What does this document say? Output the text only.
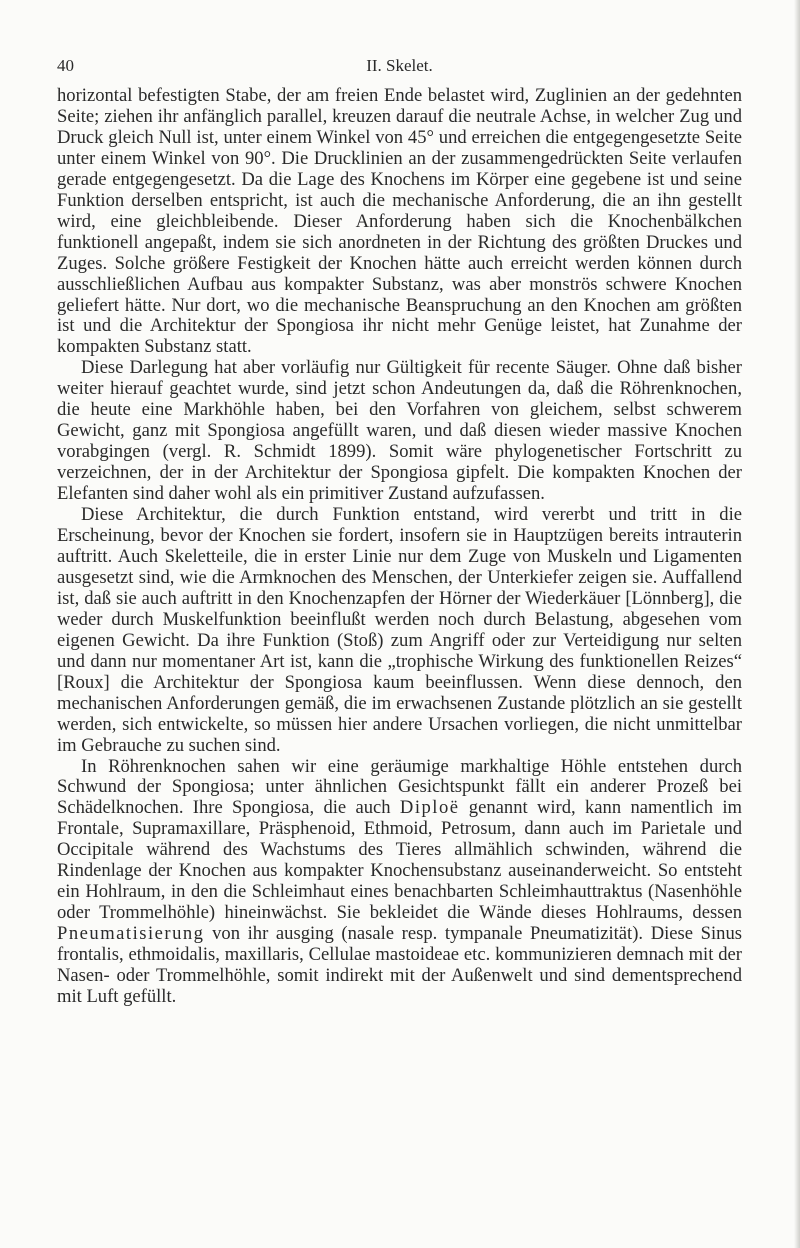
40	II. Skelet.

horizontal befestigten Stabe, der am freien Ende belastet wird, Zuglinien an der gedehnten Seite; ziehen ihr anfänglich parallel, kreuzen darauf die neutrale Achse, in welcher Zug und Druck gleich Null ist, unter einem Winkel von 45° und erreichen die entgegengesetzte Seite unter einem Winkel von 90°. Die Drucklinien an der zusammengedrückten Seite verlaufen gerade entgegengesetzt. Da die Lage des Knochens im Körper eine gegebene ist und seine Funktion derselben entspricht, ist auch die mechanische Anforderung, die an ihn gestellt wird, eine gleichbleibende. Dieser Anforderung haben sich die Knochenbälkchen funktionell angepaßt, indem sie sich anordneten in der Richtung des größten Druckes und Zuges. Solche größere Festigkeit der Knochen hätte auch erreicht werden können durch ausschließlichen Aufbau aus kompakter Substanz, was aber monströs schwere Knochen geliefert hätte. Nur dort, wo die mechanische Beanspruchung an den Knochen am größten ist und die Architektur der Spongiosa ihr nicht mehr Genüge leistet, hat Zunahme der kompakten Substanz statt.

Diese Darlegung hat aber vorläufig nur Gültigkeit für recente Säuger. Ohne daß bisher weiter hierauf geachtet wurde, sind jetzt schon Andeutungen da, daß die Röhrenknochen, die heute eine Markhöhle haben, bei den Vorfahren von gleichem, selbst schwerem Gewicht, ganz mit Spongiosa angefüllt waren, und daß diesen wieder massive Knochen vorabgingen (vergl. R. Schmidt 1899). Somit wäre phylogenetischer Fortschritt zu verzeichnen, der in der Architektur der Spongiosa gipfelt. Die kompakten Knochen der Elefanten sind daher wohl als ein primitiver Zustand aufzufassen.

Diese Architektur, die durch Funktion entstand, wird vererbt und tritt in die Erscheinung, bevor der Knochen sie fordert, insofern sie in Hauptzügen bereits intrauterin auftritt. Auch Skeletteile, die in erster Linie nur dem Zuge von Muskeln und Ligamenten ausgesetzt sind, wie die Armknochen des Menschen, der Unterkiefer zeigen sie. Auffallend ist, daß sie auch auftritt in den Knochenzapfen der Hörner der Wiederkäuer [Lönnberg], die weder durch Muskelfunktion beeinflußt werden noch durch Belastung, abgesehen vom eigenen Gewicht. Da ihre Funktion (Stoß) zum Angriff oder zur Verteidigung nur selten und dann nur momentaner Art ist, kann die „trophische Wirkung des funktionellen Reizes“ [Roux] die Architektur der Spongiosa kaum beeinflussen. Wenn diese dennoch, den mechanischen Anforderungen gemäß, die im erwachsenen Zustande plötzlich an sie gestellt werden, sich entwickelte, so müssen hier andere Ursachen vorliegen, die nicht unmittelbar im Gebrauche zu suchen sind.

In Röhrenknochen sahen wir eine geräumige markhaltige Höhle entstehen durch Schwund der Spongiosa; unter ähnlichen Gesichtspunkt fällt ein anderer Prozeß bei Schädelknochen. Ihre Spongiosa, die auch Diploë genannt wird, kann namentlich im Frontale, Supramaxillare, Präsphenoid, Ethmoid, Petrosum, dann auch im Parietale und Occipitale während des Wachstums des Tieres allmählich schwinden, während die Rindenlage der Knochen aus kompakter Knochensubstanz auseinanderweicht. So entsteht ein Hohlraum, in den die Schleimhaut eines benachbarten Schleimhauttraktus (Nasenhöhle oder Trommelhöhle) hineinwächst. Sie bekleidet die Wände dieses Hohlraums, dessen Pneumatisierung von ihr ausging (nasale resp. tympanale Pneumatizität). Diese Sinus frontalis, ethmoidalis, maxillaris, Cellulae mastoideae etc. kommunizieren demnach mit der Nasen- oder Trommelhöhle, somit indirekt mit der Außenwelt und sind dementsprechend mit Luft gefüllt.
